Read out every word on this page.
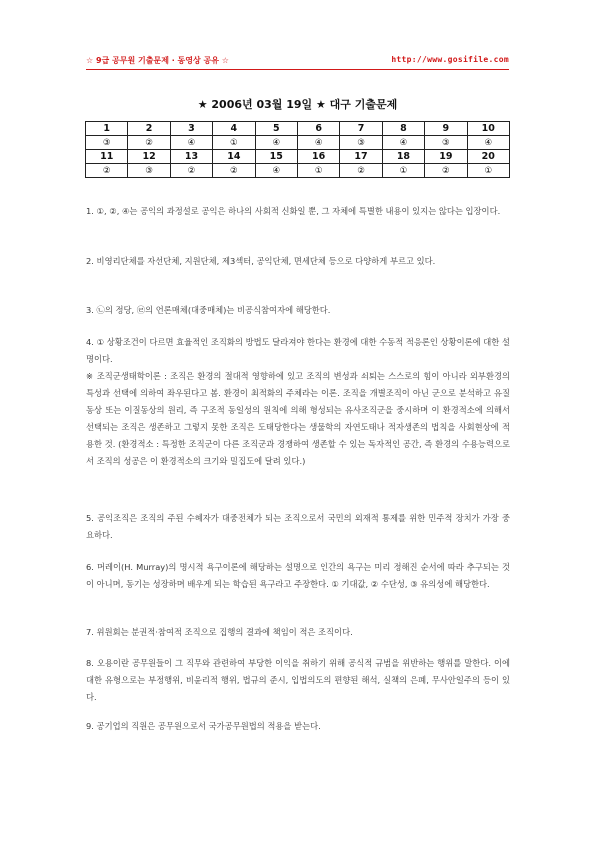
☆ 9급 공무원 기출문제 · 동영상 공유 ☆	http://www.gosifile.com
★ 2006년 03월 19일 ★ 대구 기출문제
1	2	3	4	5	6	7	8	9	10
③	②	④	①	④	④	③	④	③	④
11	12	13	14	15	16	17	18	19	20
②	③	②	②	④	①	②	①	②	①

1. ①, ②, ④는 공익의 과정설로 공익은 하나의 사회적 신화일 뿐, 그 자체에 특별한 내용이 있지는 않다는 입장이다.

2. 비영리단체를 자선단체, 지원단체, 제3섹터, 공익단체, 면세단체 등으로 다양하게 부르고 있다.

3. ㉡의 정당, ㉣의 언론매체(대중매체)는 비공식참여자에 해당한다.

4. ① 상황조건이 다르면 효율적인 조직화의 방법도 달라져야 한다는 환경에 대한 수동적 적응론인 상황이론에 대한 설명이다.

※ 조직군생태학이론 : 조직은 환경의 절대적 영향하에 있고 조직의 변성과 쇠퇴는 스스로의 힘이 아니라 외부환경의 특성과 선택에 의하여 좌우된다고 봄. 환경이 최적화의 주체라는 이론. 조직을 개별조직이 아닌 군으로 분석하고 유질동상 또는 이질동상의 원리, 즉 구조적 동일성의 원칙에 의해 형성되는 유사조직군을 중시하며 이 환경적소에 의해서 선택되는 조직은 생존하고 그렇지 못한 조직은 도태당한다는 생물학의 자연도태나 적자생존의 법칙을 사회현상에 적용한 것. (환경적소 : 특정한 조직군이 다른 조직군과 경쟁하여 생존할 수 있는 독자적인 공간, 즉 환경의 수용능력으로서 조직의 성공은 이 환경적소의 크기와 밀집도에 달려 있다.)

5. 공익조직은 조직의 주된 수혜자가 대중전체가 되는 조직으로서 국민의 외재적 통제를 위한 민주적 장치가 가장 중요하다.

6. 머레이(H. Murray)의 명시적 욕구이론에 해당하는 설명으로 인간의 욕구는 미리 정해진 순서에 따라 추구되는 것이 아니며, 동기는 성장하며 배우게 되는 학습된 욕구라고 주장한다. ① 기대값, ② 수단성, ③ 유의성에 해당한다.

7. 위원회는 분권적·참여적 조직으로 집행의 결과에 책임이 적은 조직이다.

8. 오용이란 공무원들이 그 직무와 관련하여 부당한 이익을 취하기 위해 공식적 규범을 위반하는 행위를 말한다. 이에 대한 유형으로는 부정행위, 비윤리적 행위, 법규의 준시, 입법의도의 편향된 해석, 실책의 은폐, 무사안일주의 등이 있다.

9. 공기업의 직원은 공무원으로서 국가공무원법의 적용을 받는다.
